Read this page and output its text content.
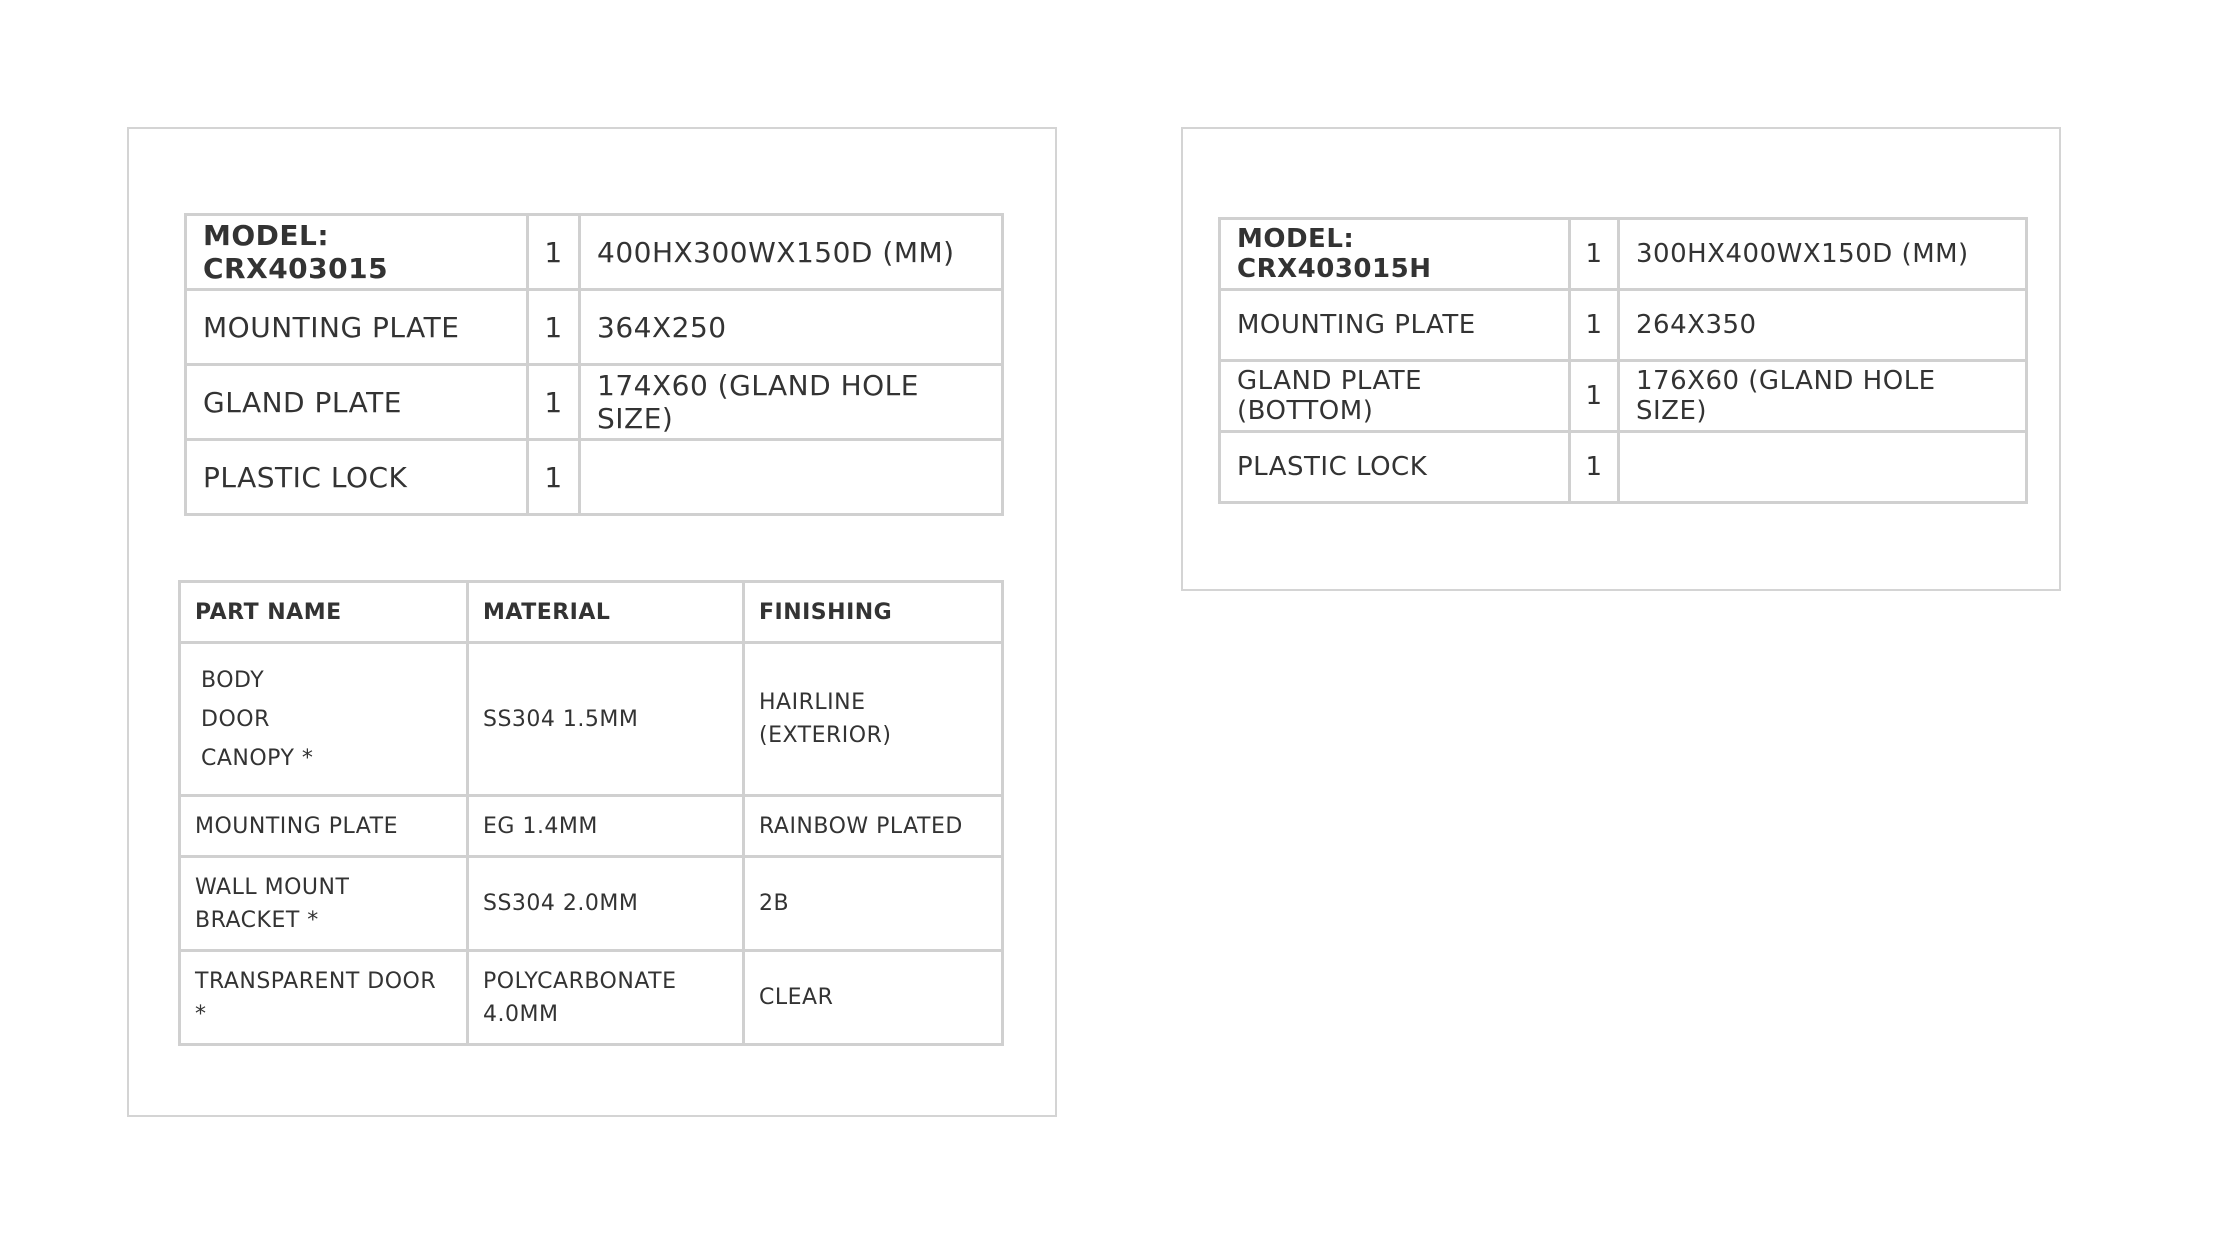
MODEL: CRX403015	1	400HX300WX150D (MM)
MOUNTING PLATE	1	364X250
GLAND PLATE	1	174X60 (GLAND HOLE SIZE)
PLASTIC LOCK	1	
PART NAME	MATERIAL	FINISHING

BODY
DOOR
CANOPY *	SS304 1.5MM	HAIRLINE (EXTERIOR)
MOUNTING PLATE	EG 1.4MM	RAINBOW PLATED
WALL MOUNT BRACKET *	SS304 2.0MM	2B
TRANSPARENT DOOR *	POLYCARBONATE 4.0MM	CLEAR
MODEL: CRX403015H	1	300HX400WX150D (MM)
MOUNTING PLATE	1	264X350
GLAND PLATE (BOTTOM)	1	176X60 (GLAND HOLE SIZE)
PLASTIC LOCK	1	
